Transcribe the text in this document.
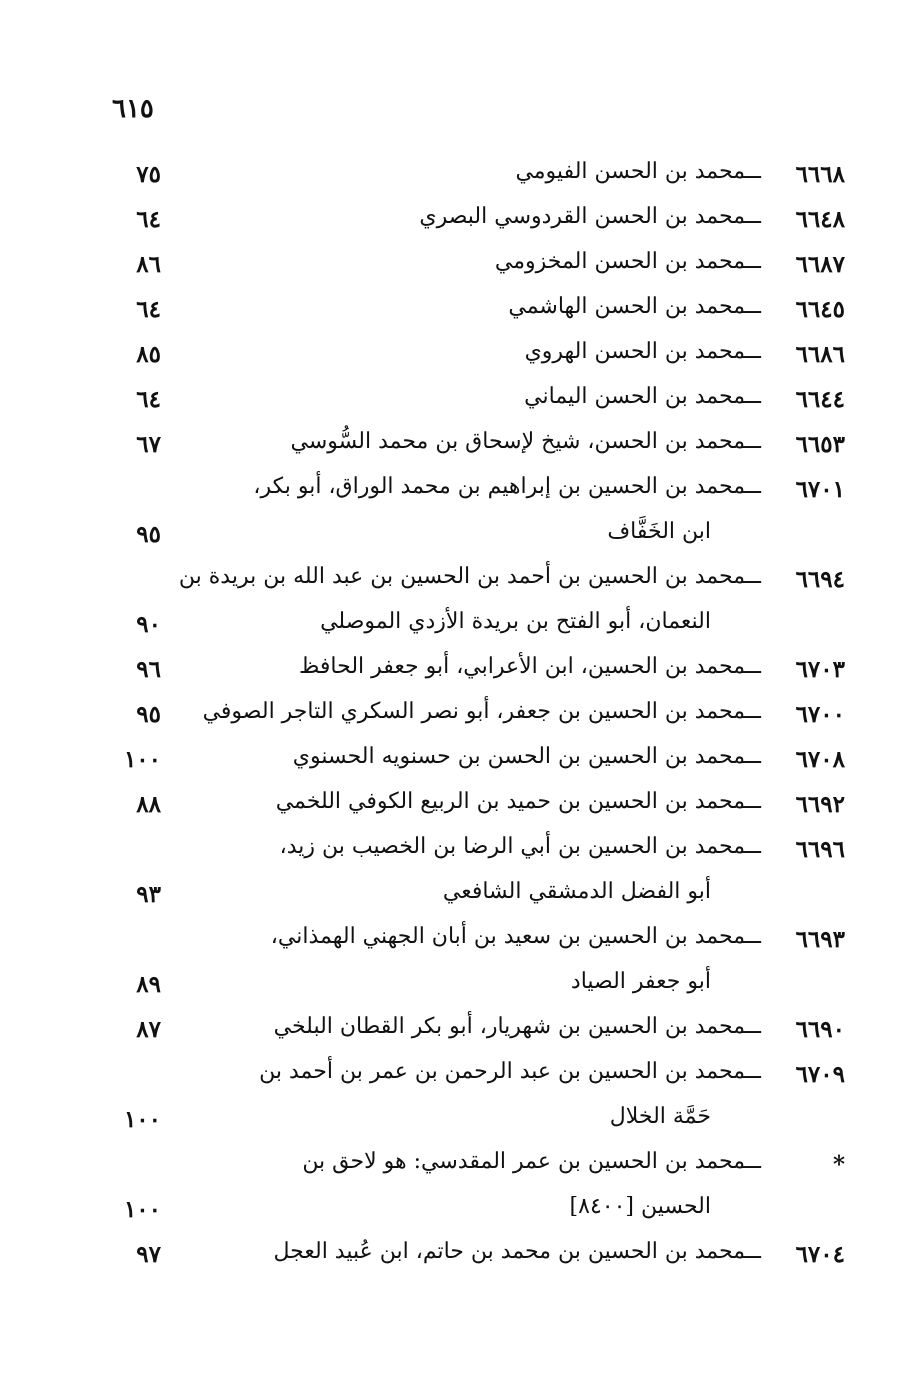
٦١٥
٦٦٦٨
ـــ
محمد بن الحسن الفيومي
٧٥
٦٦٤٨
ـــ
محمد بن الحسن القردوسي البصري
٦٤
٦٦٨٧
ـــ
محمد بن الحسن المخزومي
٨٦
٦٦٤٥
ـــ
محمد بن الحسن الهاشمي
٦٤
٦٦٨٦
ـــ
محمد بن الحسن الهروي
٨٥
٦٦٤٤
ـــ
محمد بن الحسن اليماني
٦٤
٦٦٥٣
ـــ
محمد بن الحسن، شيخ لإسحاق بن محمد السُّوسي
٦٧
٦٧٠١
ـــ
محمد بن الحسين بن إبراهيم بن محمد الوراق، أبو بكر،
ابن الخَفَّاف
٩٥
٦٦٩٤
ـــ
محمد بن الحسين بن أحمد بن الحسين بن عبد الله بن بريدة بن
النعمان، أبو الفتح بن بريدة الأزدي الموصلي
٩٠
٦٧٠٣
ـــ
محمد بن الحسين، ابن الأعرابي، أبو جعفر الحافظ
٩٦
٦٧٠٠
ـــ
محمد بن الحسين بن جعفر، أبو نصر السكري التاجر الصوفي
٩٥
٦٧٠٨
ـــ
محمد بن الحسين بن الحسن بن حسنويه الحسنوي
١٠٠
٦٦٩٢
ـــ
محمد بن الحسين بن حميد بن الربيع الكوفي اللخمي
٨٨
٦٦٩٦
ـــ
محمد بن الحسين بن أبي الرضا بن الخصيب بن زيد،
أبو الفضل الدمشقي الشافعي
٩٣
٦٦٩٣
ـــ
محمد بن الحسين بن سعيد بن أبان الجهني الهمذاني،
أبو جعفر الصياد
٨٩
٦٦٩٠
ـــ
محمد بن الحسين بن شهريار، أبو بكر القطان البلخي
٨٧
٦٧٠٩
ـــ
محمد بن الحسين بن عبد الرحمن بن عمر بن أحمد بن
حَمَّة الخلال
١٠٠
*
ـــ
محمد بن الحسين بن عمر المقدسي: هو لاحق بن
الحسين [٨٤٠٠]
١٠٠
٦٧٠٤
ـــ
محمد بن الحسين بن محمد بن حاتم، ابن عُبيد العجل
٩٧
